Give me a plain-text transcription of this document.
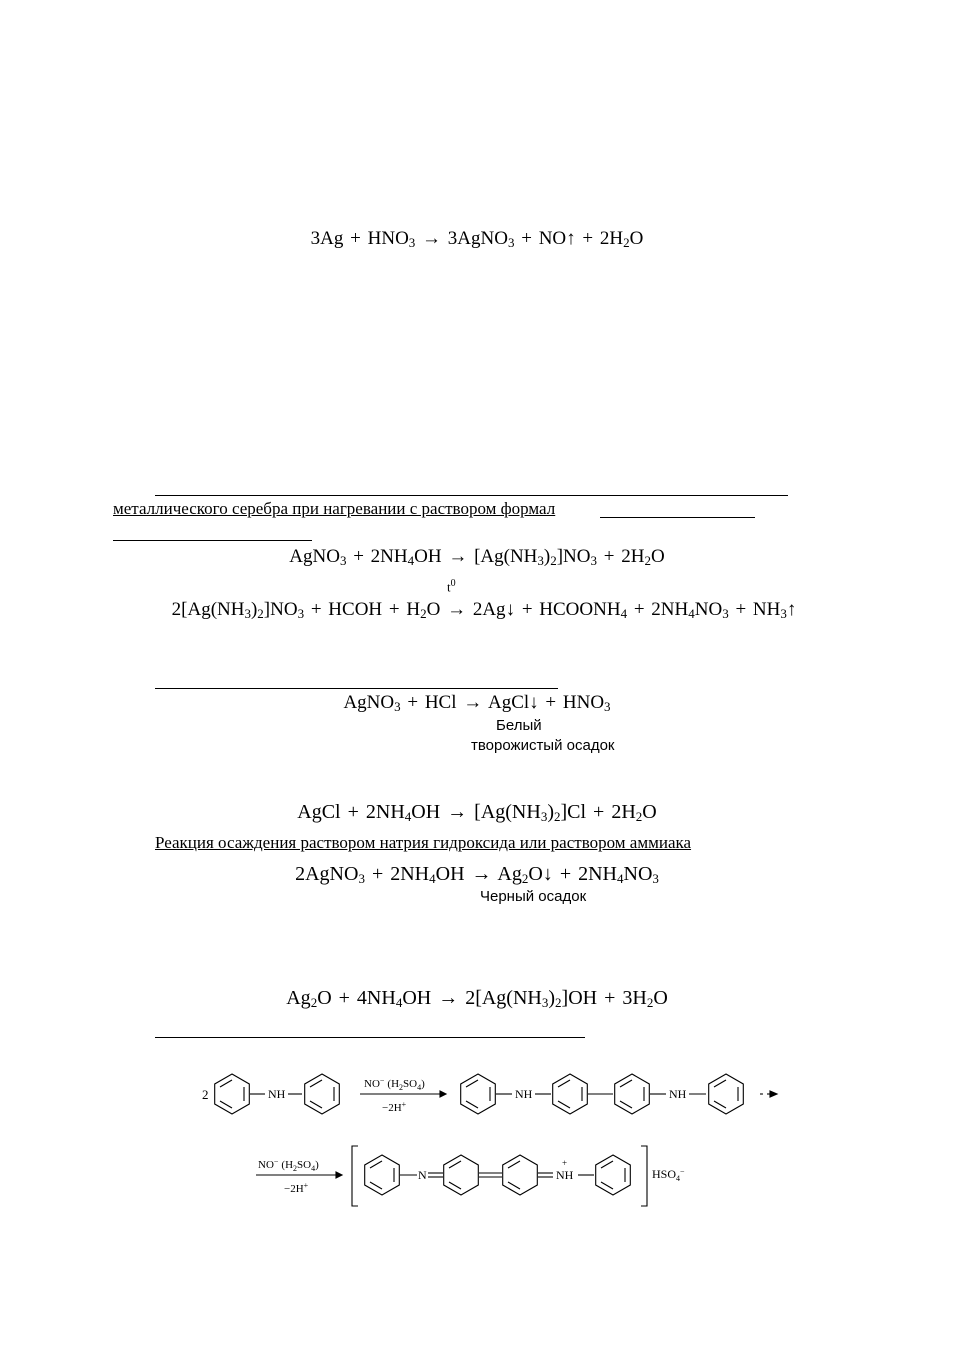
$3Ag + HNO_3$ → 3AgNO$_3$ + NO↑ + $2H_2O$
металлического серебра при нагревании с раствором формал
AgNO$_3$ + $2NH_4OH \to [Ag(NH_3)_2]NO_3 + 2H_2O$
$t^0$
$2[Ag(NH_3)_2]NO_3$ + HCOH + $H_2O$ → 2Ag↓ + $HCOONH_4 + 2NH_4NO_3$ + $NH_3↑$
AgNO$_3$ + HCl → AgCl↓ + $HNO_3$
Белый
творожистый осадок
AgCl + $2NH_4OH \to [Ag(NH_3)_2]Cl + 2H_2O$
Реакция осаждения раствором натрия гидроксида или раствором аммиака
2AgNO$_3$ + $2NH_4OH$ → $Ag_2O↓ + 2NH_4NO_3$
Черный осадок
$Ag_2O + 4NH_4OH \to 2[Ag(NH_3)_2]OH + 3H_2O$
2	NH
NO− $(H_2SO_4)$
−2H+
NH	NH
NO− $(H_2SO_4)$
−2H+
N	NH
+
$HSO_4^-$
